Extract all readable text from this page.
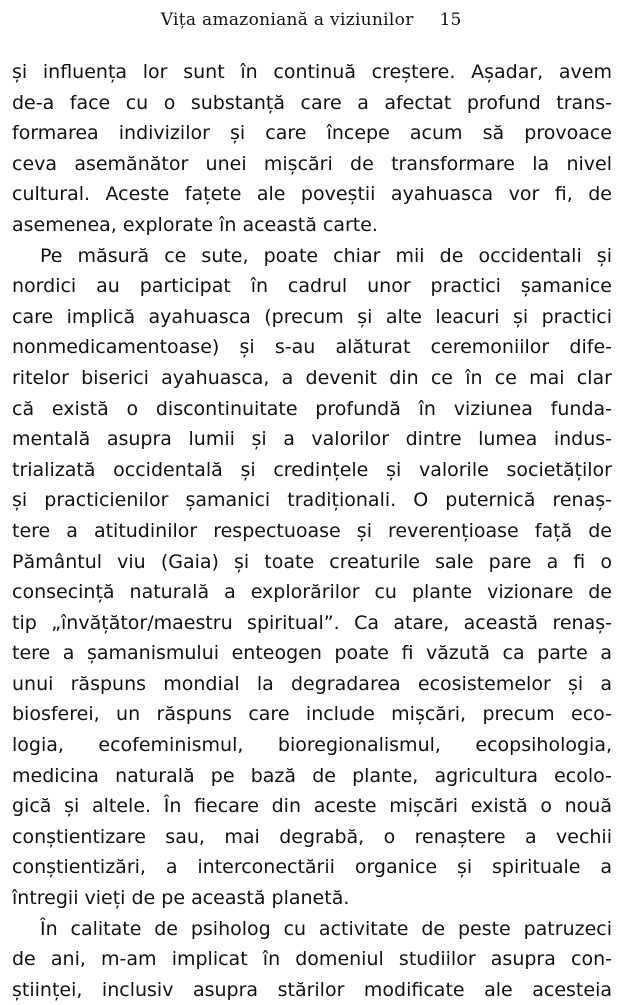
Vița amazoniană a viziunilor 15
și influența lor sunt în continuă creștere. Așadar, avem
de-a face cu o substanță care a afectat profund trans-
formarea indivizilor și care începe acum să provoace
ceva asemănător unei mișcări de transformare la nivel
cultural. Aceste fațete ale poveștii ayahuasca vor fi, de
asemenea, explorate în această carte.
Pe măsură ce sute, poate chiar mii de occidentali și
nordici au participat în cadrul unor practici șamanice
care implică ayahuasca (precum și alte leacuri și practici
nonmedicamentoase) și s-au alăturat ceremoniilor dife-
ritelor biserici ayahuasca, a devenit din ce în ce mai clar
că există o discontinuitate profundă în viziunea funda-
mentală asupra lumii și a valorilor dintre lumea indus-
trializată occidentală și credințele și valorile societăților
și practicienilor șamanici tradiționali. O puternică renaș-
tere a atitudinilor respectuoase și reverențioase față de
Pământul viu (Gaia) și toate creaturile sale pare a fi o
consecință naturală a explorărilor cu plante vizionare de
tip „învățător/maestru spiritual”. Ca atare, această renaș-
tere a șamanismului enteogen poate fi văzută ca parte a
unui răspuns mondial la degradarea ecosistemelor și a
biosferei, un răspuns care include mișcări, precum eco-
logia, ecofeminismul, bioregionalismul, ecopsihologia,
medicina naturală pe bază de plante, agricultura ecolo-
gică și altele. În fiecare din aceste mișcări există o nouă
conștientizare sau, mai degrabă, o renaștere a vechii
conștientizări, a interconectării organice și spirituale a
întregii vieți de pe această planetă.
În calitate de psiholog cu activitate de peste patruzeci
de ani, m-am implicat în domeniul studiilor asupra con-
științei, inclusiv asupra stărilor modificate ale acesteia
